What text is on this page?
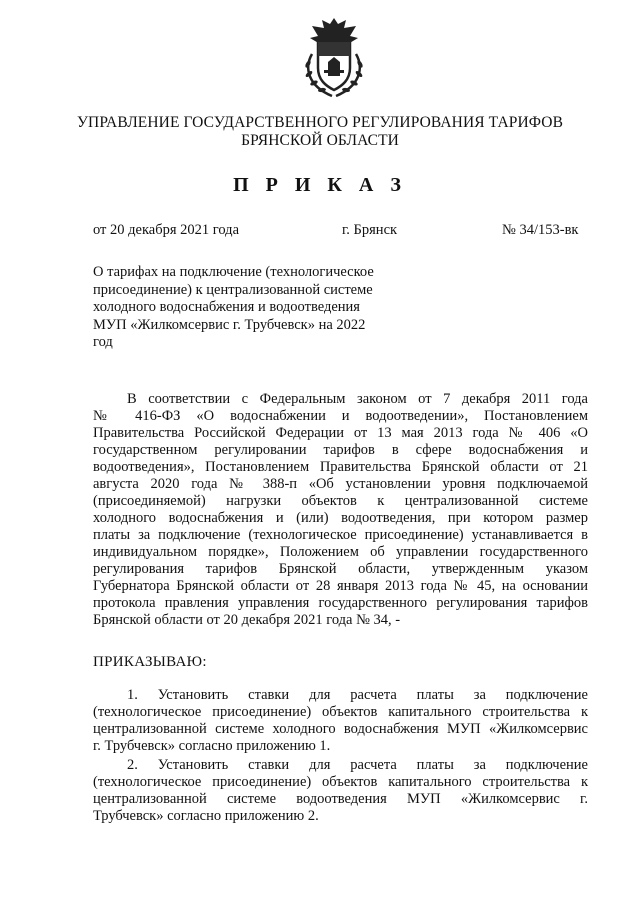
УПРАВЛЕНИЕ ГОСУДАРСТВЕННОГО РЕГУЛИРОВАНИЯ ТАРИФОВ
БРЯНСКОЙ ОБЛАСТИ
П Р И К А З
от 20 декабря 2021 года	г. Брянск	№ 34/153-вк
О тарифах на подключение (технологическое
присоединение) к централизованной системе
холодного водоснабжения и водоотведения
МУП «Жилкомсервис г. Трубчевск» на 2022
год
В соответствии с Федеральным законом от 7 декабря 2011 года
№ 416-ФЗ «О водоснабжении и водоотведении», Постановлением
Правительства Российской Федерации от 13 мая 2013 года № 406 «О
государственном регулировании тарифов в сфере водоснабжения и
водоотведения», Постановлением Правительства Брянской области от 21
августа 2020 года № 388-п «Об установлении уровня подключаемой
(присоединяемой) нагрузки объектов к централизованной системе
холодного водоснабжения и (или) водоотведения, при котором размер
платы за подключение (технологическое присоединение) устанавливается в
индивидуальном порядке», Положением об управлении государственного
регулирования тарифов Брянской области, утвержденным указом
Губернатора Брянской области от 28 января 2013 года № 45, на основании
протокола правления управления государственного регулирования тарифов
Брянской области от 20 декабря 2021 года № 34, -
ПРИКАЗЫВАЮ:
1. Установить ставки для расчета платы за подключение
(технологическое присоединение) объектов капитального строительства к
централизованной системе холодного водоснабжения МУП «Жилкомсервис
г. Трубчевск» согласно приложению 1.
2. Установить ставки для расчета платы за подключение
(технологическое присоединение) объектов капитального строительства к
централизованной системе водоотведения МУП «Жилкомсервис г.
Трубчевск» согласно приложению 2.
